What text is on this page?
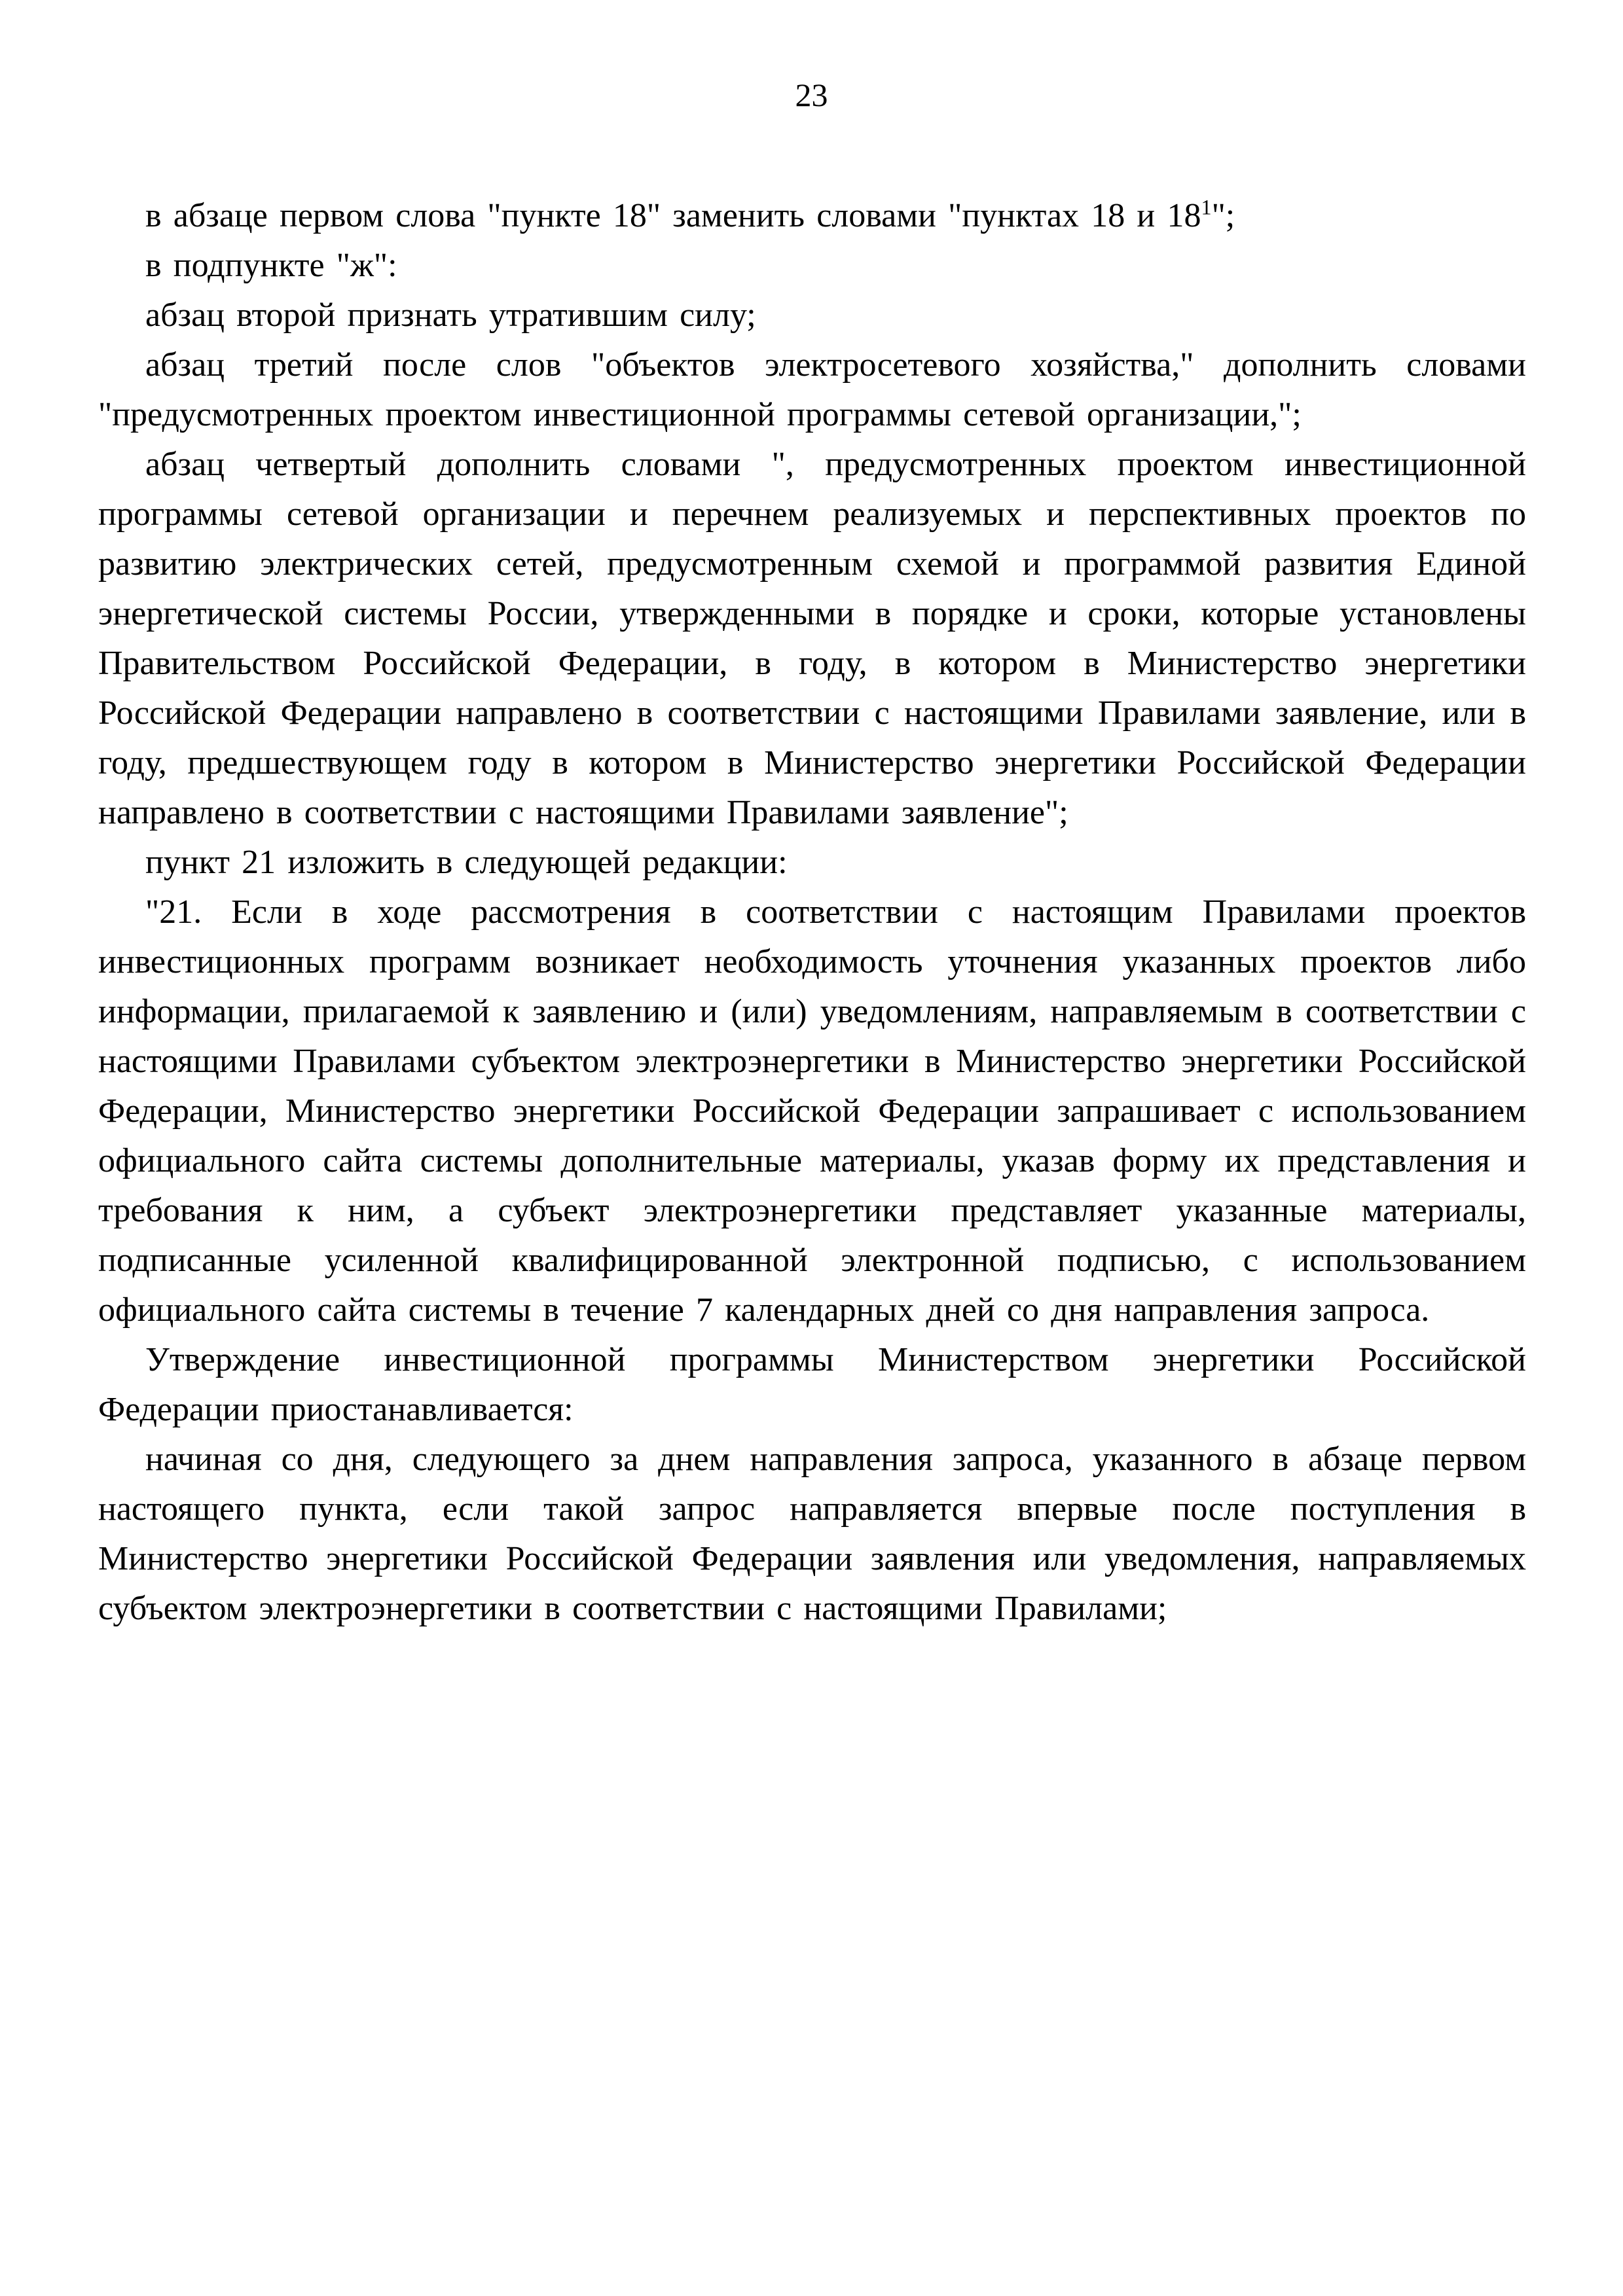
23

в абзаце первом слова "пункте 18" заменить словами "пунктах 18 и $18^1$";

в подпункте "ж":

абзац второй признать утратившим силу;

абзац третий после слов "объектов электросетевого хозяйства," дополнить словами "предусмотренных проектом инвестиционной программы сетевой организации,";

абзац четвертый дополнить словами ", предусмотренных проектом инвестиционной программы сетевой организации и перечнем реализуемых и перспективных проектов по развитию электрических сетей, предусмотренным схемой и программой развития Единой энергетической системы России, утвержденными в порядке и сроки, которые установлены Правительством Российской Федерации, в году, в котором в Министерство энергетики Российской Федерации направлено в соответствии с настоящими Правилами заявление, или в году, предшествующем году в котором в Министерство энергетики Российской Федерации направлено в соответствии с настоящими Правилами заявление";

пункт 21 изложить в следующей редакции:

"21. Если в ходе рассмотрения в соответствии с настоящим Правилами проектов инвестиционных программ возникает необходимость уточнения указанных проектов либо информации, прилагаемой к заявлению и (или) уведомлениям, направляемым в соответствии с настоящими Правилами субъектом электроэнергетики в Министерство энергетики Российской Федерации, Министерство энергетики Российской Федерации запрашивает с использованием официального сайта системы дополнительные материалы, указав форму их представления и требования к ним, а субъект электроэнергетики представляет указанные материалы, подписанные усиленной квалифицированной электронной подписью, с использованием официального сайта системы в течение 7 календарных дней со дня направления запроса.

Утверждение инвестиционной программы Министерством энергетики Российской Федерации приостанавливается:

начиная со дня, следующего за днем направления запроса, указанного в абзаце первом настоящего пункта, если такой запрос направляется впервые после поступления в Министерство энергетики Российской Федерации заявления или уведомления, направляемых субъектом электроэнергетики в соответствии с настоящими Правилами;
